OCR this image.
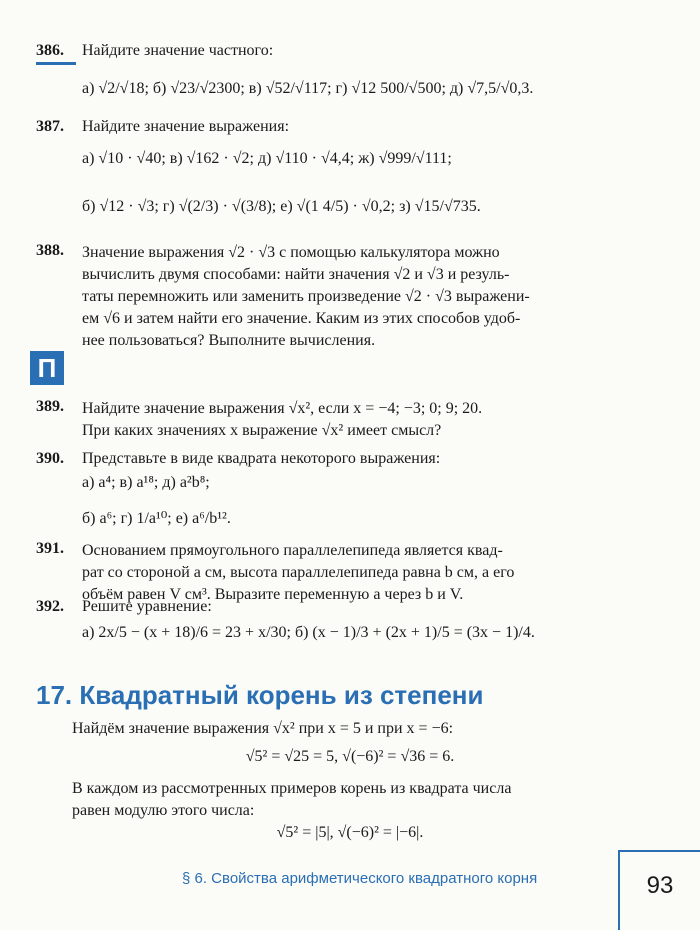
386. Найдите значение частного:
а) √2/√18; б) √23/√2300; в) √52/√117; г) √12 500/√500; д) √7,5/√0,3.
387. Найдите значение выражения:
а) √10 · √40; в) √162 · √2; д) √110 · √4,4; ж) √999/√111;
б) √12 · √3; г) √(2/3) · √(3/8); е) √(1 4/5) · √0,2; з) √15/√735.
388. Значение выражения √2 · √3 с помощью калькулятора можно
вычислить двумя способами: найти значения √2 и √3 и резуль-
таты перемножить или заменить произведение √2 · √3 выражени-
ем √6 и затем найти его значение. Каким из этих способов удоб-
нее пользоваться? Выполните вычисления.
П
389. Найдите значение выражения √x², если x = −4; −3; 0; 9; 20.
При каких значениях x выражение √x² имеет смысл?
390. Представьте в виде квадрата некоторого выражения:
а) a⁴; в) a¹⁸; д) a²b⁸;
б) a⁶; г) 1/a¹⁰; е) a⁶/b¹².
391. Основанием прямоугольного параллелепипеда является квад-
рат со стороной a см, высота параллелепипеда равна b см, а его
объём равен V см³. Выразите переменную a через b и V.
392. Решите уравнение:
а) 2x/5 − (x + 18)/6 = 23 + x/30; б) (x − 1)/3 + (2x + 1)/5 = (3x − 1)/4.
17. Квадратный корень из степени
Найдём значение выражения √x² при x = 5 и при x = −6:
√5² = √25 = 5, √(−6)² = √36 = 6.
В каждом из рассмотренных примеров корень из квадрата числа
равен модулю этого числа:
√5² = |5|, √(−6)² = |−6|.
§ 6. Свойства арифметического квадратного корня	93
